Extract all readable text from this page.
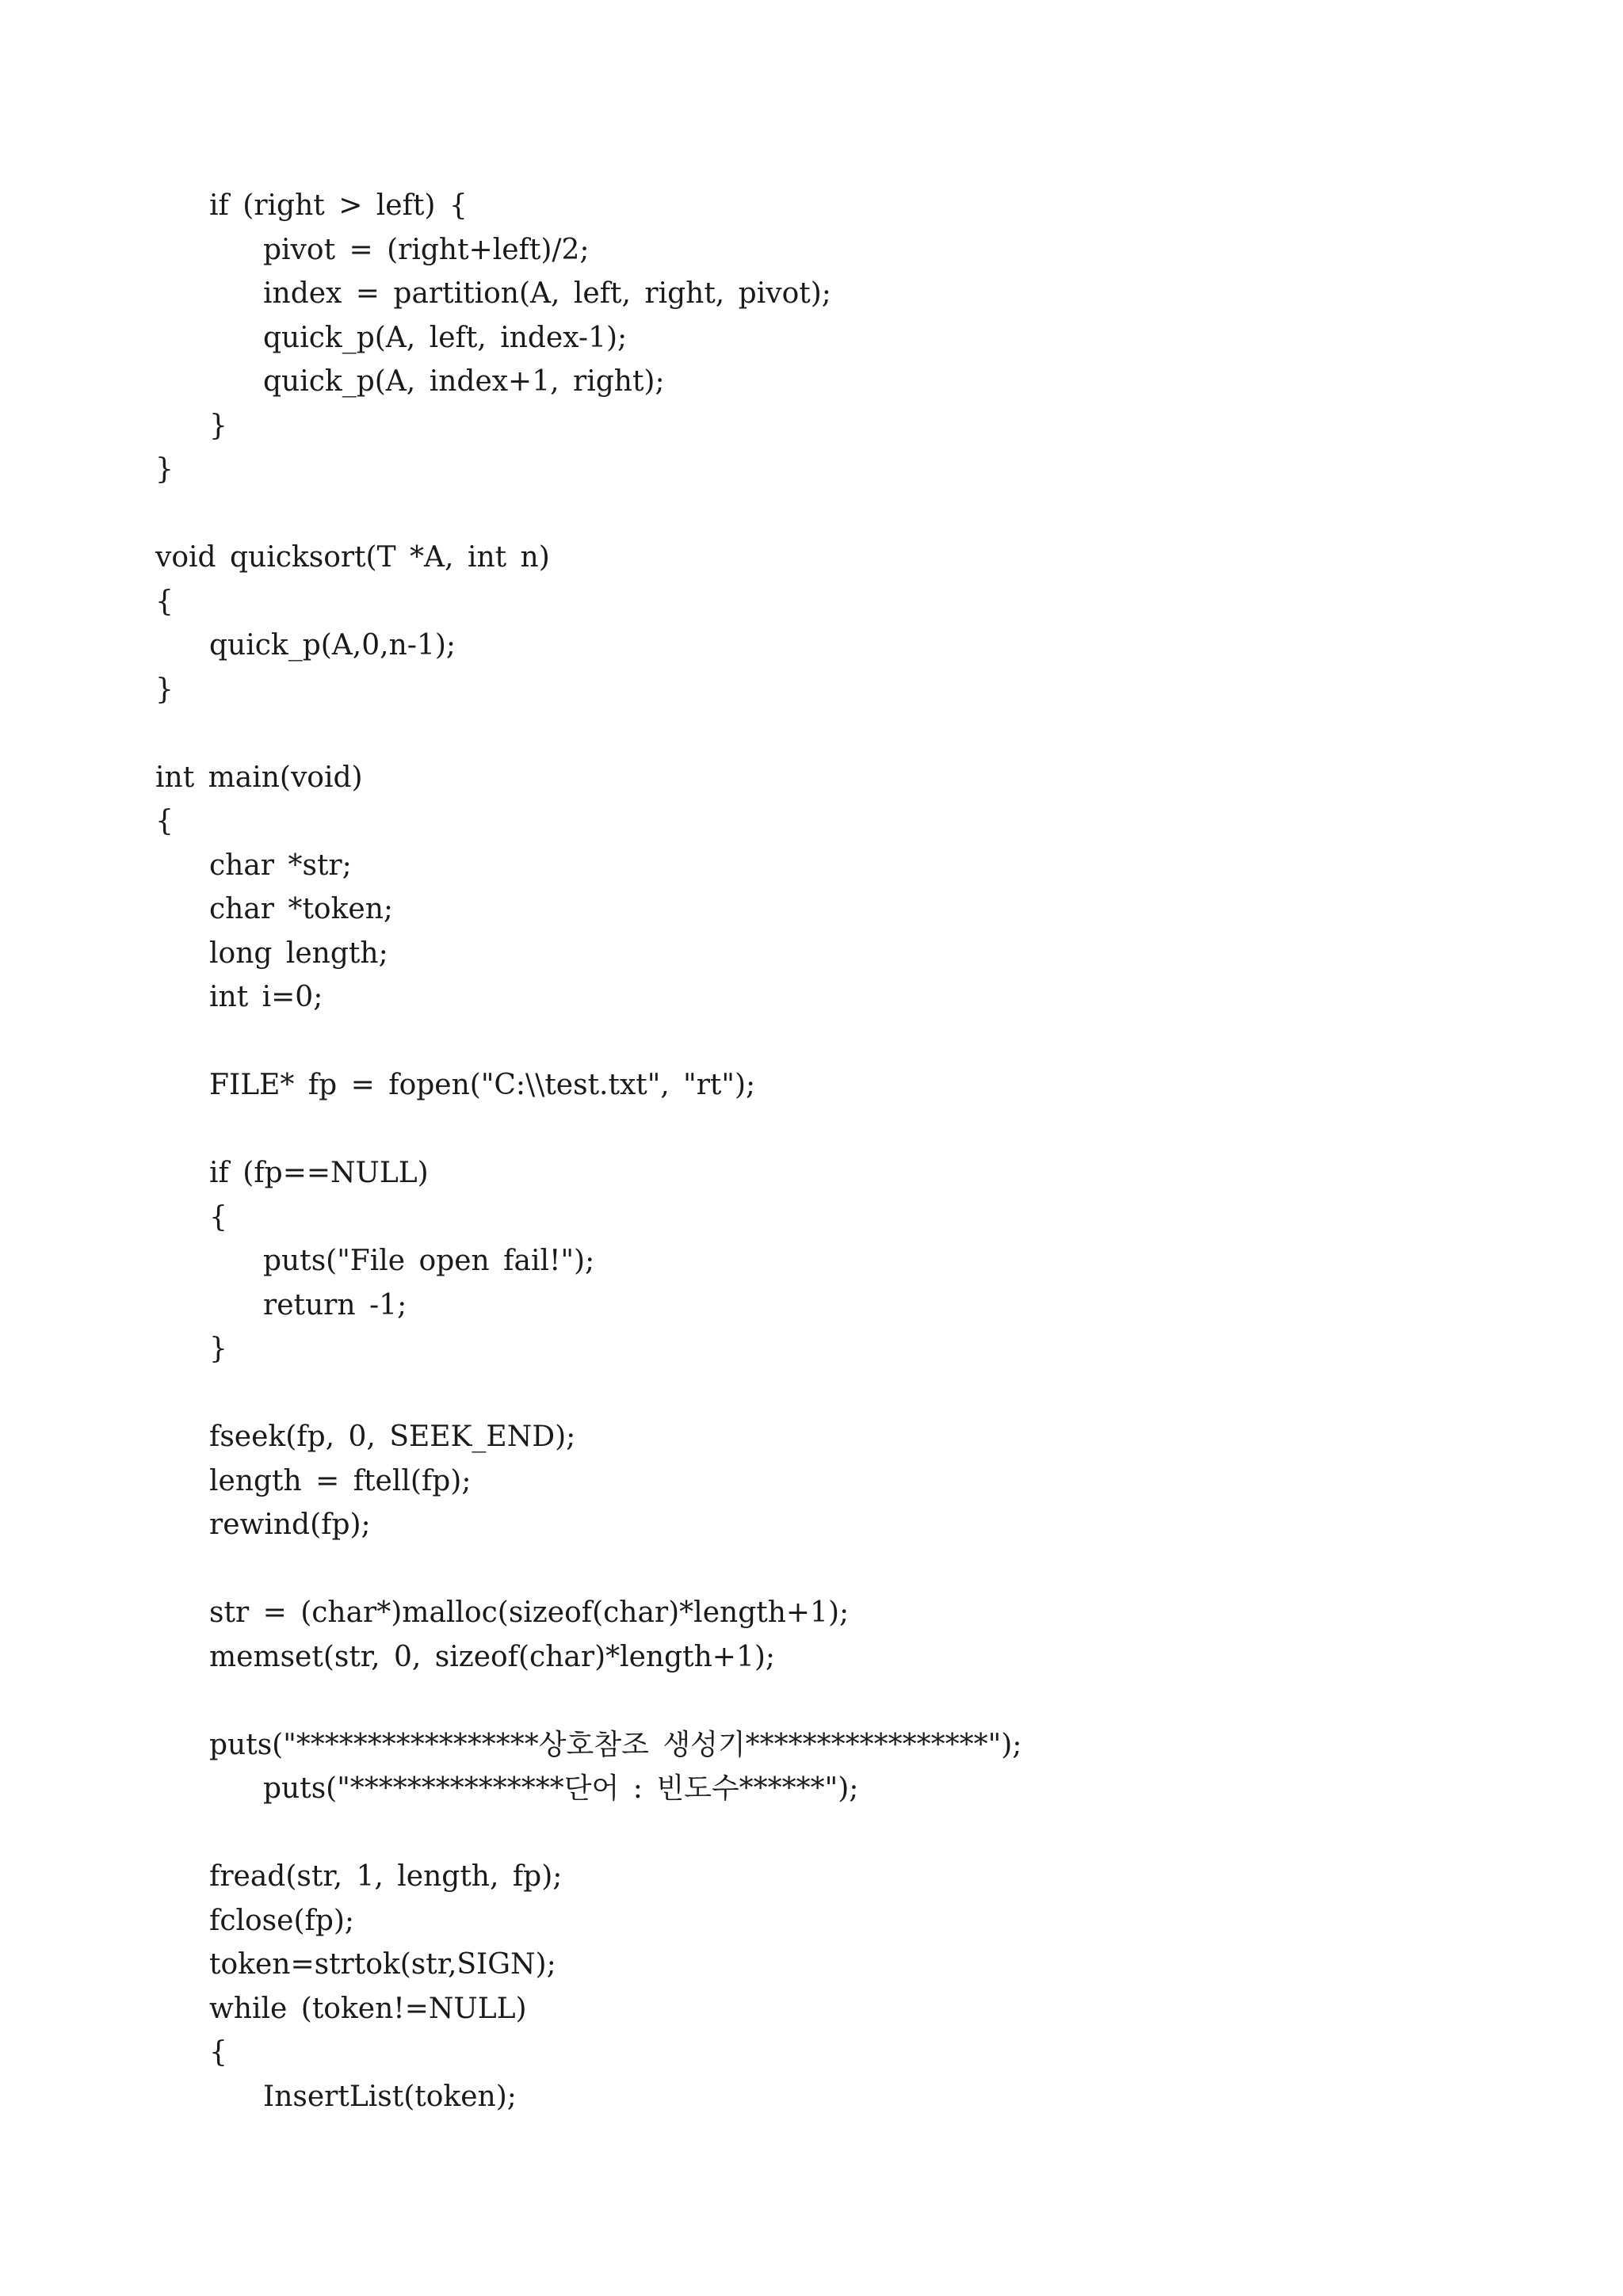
if (right > left) {
pivot = (right+left)/2;
index = partition(A, left, right, pivot);
quick_p(A, left, index-1);
quick_p(A, index+1, right);
}
}
void quicksort(T *A, int n)
{
quick_p(A,0,n-1);
}
int main(void)
{
char *str;
char *token;
long length;
int i=0;
FILE* fp = fopen("C:\\test.txt", "rt");
if (fp==NULL)
{
puts("File open fail!");
return -1;
}
fseek(fp, 0, SEEK_END);
length = ftell(fp);
rewind(fp);
str = (char*)malloc(sizeof(char)*length+1);
memset(str, 0, sizeof(char)*length+1);
puts("*****************상호참조 생성기*****************");
puts("***************단어 : 빈도수******");
fread(str, 1, length, fp);
fclose(fp);
token=strtok(str,SIGN);
while (token!=NULL)
{
InsertList(token);
